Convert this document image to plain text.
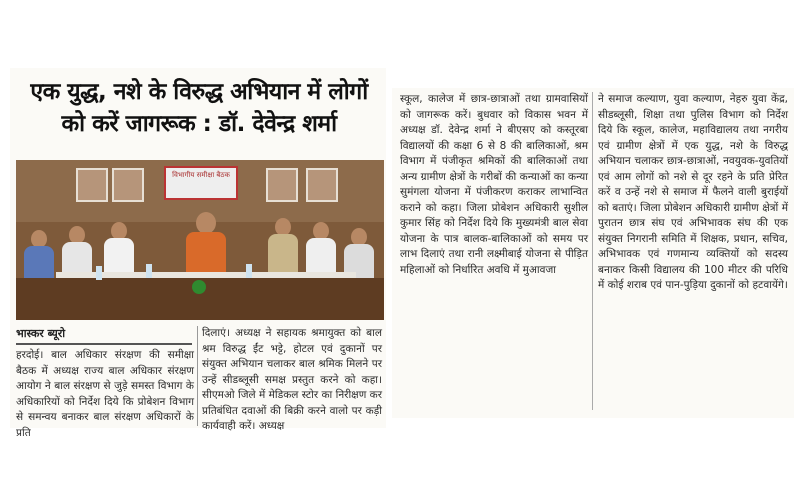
एक युद्ध, नशे के विरुद्ध अभियान में लोगों को करें जागरूक : डॉ. देवेन्द्र शर्मा
विभागीय समीक्षा बैठक
भास्कर ब्यूरो
हरदोई। बाल अधिकार संरक्षण की समीक्षा बैठक में अध्यक्ष राज्य बाल अधिकार संरक्षण आयोग ने बाल संरक्षण से जुड़े समस्त विभाग के अधिकारियों को निर्देश दिये कि प्रोबेशन विभाग से समन्वय बनाकर बाल संरक्षण अधिकारों के प्रति
दिलाएं। अध्यक्ष ने सहायक श्रमायुक्त को बाल श्रम विरुद्ध ईंट भट्टे, होटल एवं दुकानों पर संयुक्त अभियान चलाकर बाल श्रमिक मिलने पर उन्हें सीडब्लूसी समक्ष प्रस्तुत करने को कहा। सीएमओ जिले में मेडिकल स्टोर का निरीक्षण कर प्रतिबंधित दवाओं की बिक्री करने वालो पर कड़ी कार्यवाही करें। अध्यक्ष
स्कूल, कालेज में छात्र-छात्राओं तथा ग्रामवासियों को जागरूक करें। बुधवार को विकास भवन में अध्यक्ष डॉ. देवेन्द्र शर्मा ने बीएसए को कस्तूरबा विद्यालयों की कक्षा 6 से 8 की बालिकाओं, श्रम विभाग में पंजीकृत श्रमिकों की बालिकाओं तथा अन्य ग्रामीण क्षेत्रों के गरीबों की कन्याओं का कन्या सुमंगला योजना में पंजीकरण कराकर लाभान्वित कराने को कहा। जिला प्रोबेशन अधिकारी सुशील कुमार सिंह को निर्देश दिये कि मुख्यमंत्री बाल सेवा योजना के पात्र बालक-बालिकाओं को समय पर लाभ दिलाएं तथा रानी लक्ष्मीबाई योजना से पीड़ित महिलाओं को निर्धारित अवधि में मुआवजा
ने समाज कल्याण, युवा कल्याण, नेहरु युवा केंद्र, सीडब्लूसी, शिक्षा तथा पुलिस विभाग को निर्देश दिये कि स्कूल, कालेज, महाविद्यालय तथा नगरीय एवं ग्रामीण क्षेत्रों में एक युद्ध, नशे के विरुद्ध अभियान चलाकर छात्र-छात्राओं, नवयुवक-युवतियों एवं आम लोगों को नशे से दूर रहने के प्रति प्रेरित करें व उन्हें नशे से समाज में फैलने वाली बुराईयों को बताएं। जिला प्रोबेशन अधिकारी ग्रामीण क्षेत्रों में पुरातन छात्र संघ एवं अभिभावक संघ की एक संयुक्त निगरानी समिति में शिक्षक, प्रधान, सचिव, अभिभावक एवं गणमान्य व्यक्तियों को सदस्य बनाकर किसी विद्यालय की 100 मीटर की परिधि में कोई शराब एवं पान-पुड़िया दुकानों को हटवायेंगे।
